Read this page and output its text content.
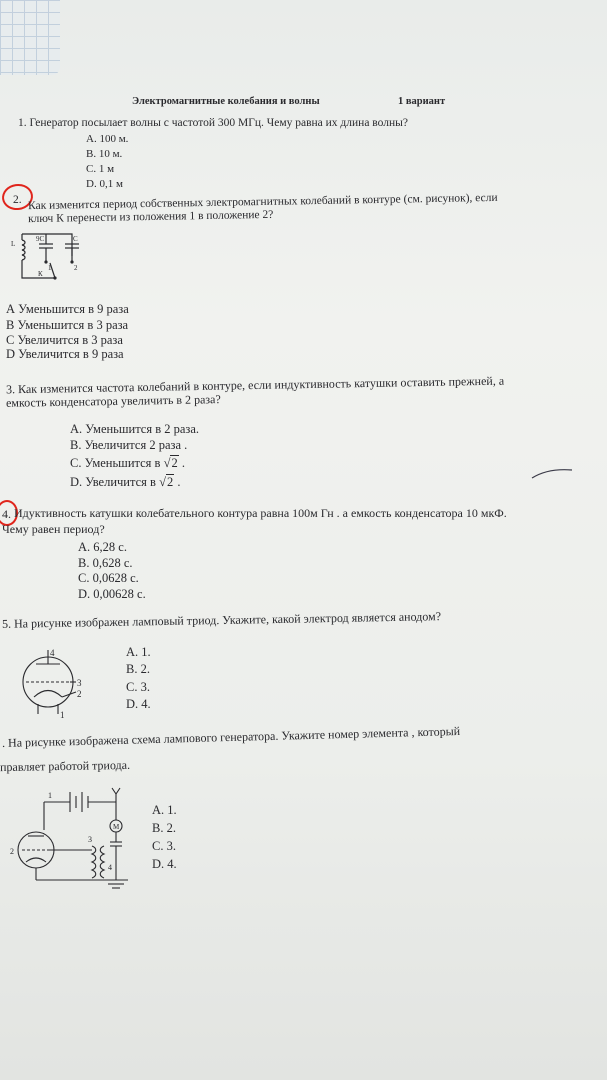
Электромагнитные колебания и волны	1 вариант
1. Генератор посылает волны с частотой 300 МГц. Чему равна их длина волны?
А. 100 м.
В. 10 м.
С. 1 м
D. 0,1 м
2. Как изменится период собственных электромагнитных колебаний в контуре (см. рисунок), если
ключ К перенести из положения 1 в положение 2?
L
9C	C
1	2
К
А Уменьшится в 9 раза
В Уменьшится в 3 раза
С Увеличится в 3 раза
D Увеличится в 9 раза
3. Как изменится частота колебаний в контуре, если индуктивность катушки оставить прежней, а
емкость конденсатора увеличить в 2 раза?
А. Уменьшится в 2 раза.
В. Увеличится 2 раза .
С. Уменьшится в √2 .
D. Увеличится в √2 .
4. Идуктивность катушки колебательного контура равна 100м Гн . а емкость конденсатора 10 мкФ.
Чему равен период?
А. 6,28 с.
В. 0,628 с.
С. 0,0628 с.
D. 0,00628 с.
5. На рисунке изображен ламповый триод. Укажите, какой электрод является анодом?
4
3
2
1
А. 1.
В. 2.
С. 3.
D. 4.
. На рисунке изображена схема лампового генератора. Укажите номер элемента , который
правляет работой триода.
1
2
3
4
M
А. 1.
В. 2.
С. 3.
D. 4.
